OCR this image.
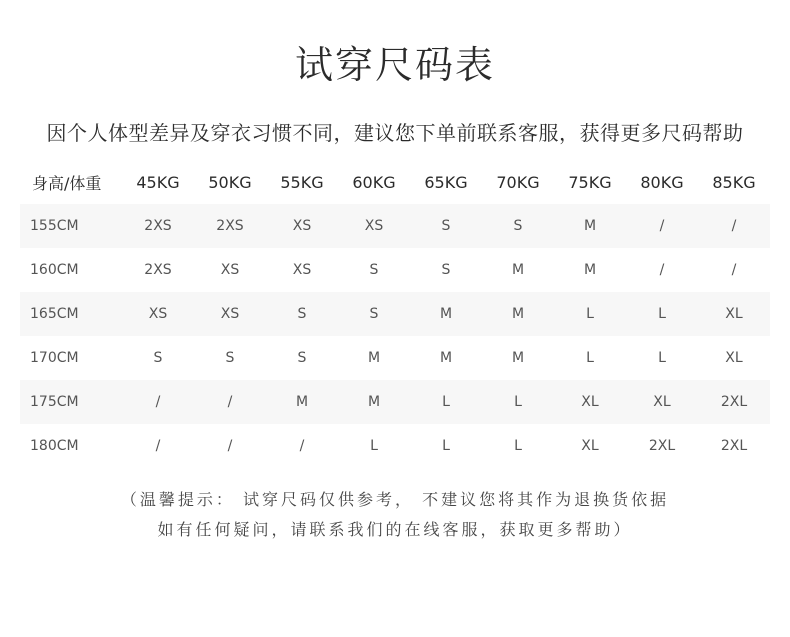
试穿尺码表
因个人体型差异及穿衣习惯不同，建议您下单前联系客服，获得更多尺码帮助
身高/体重	45KG	50KG	55KG	60KG	65KG	70KG	75KG	80KG	85KG
155CM	2XS	2XS	XS	XS	S	S	M	/	/
160CM	2XS	XS	XS	S	S	M	M	/	/
165CM	XS	XS	S	S	M	M	L	L	XL
170CM	S	S	S	M	M	M	L	L	XL
175CM	/	/	M	M	L	L	XL	XL	2XL
180CM	/	/	/	L	L	L	XL	2XL	2XL
（温馨提示： 试穿尺码仅供参考， 不建议您将其作为退换货依据
如有任何疑问，请联系我们的在线客服，获取更多帮助）
